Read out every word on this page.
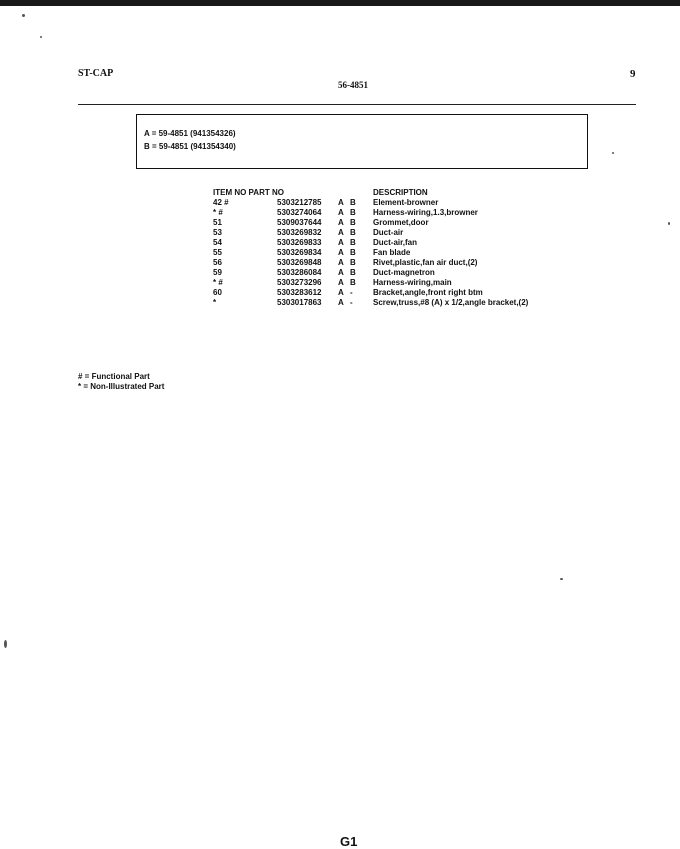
ST-CAP
56-4851
9
A = 59-4851 (941354326)
B = 59-4851 (941354340)
ITEM NO PART NO	DESCRIPTION
42 #	5303212785 A B Element-browner
* #	5303274064 A B Harness-wiring,1.3,browner
51	5309037644 A B Grommet,door
53	5303269832 A B Duct-air
54	5303269833 A B Duct-air,fan
55	5303269834 A B Fan blade
56	5303269848 A B Rivet,plastic,fan air duct,(2)
59	5303286084 A B Duct-magnetron
* #	5303273296 A B Harness-wiring,main
60	5303283612 A -	Bracket,angle,front right btm
*	5303017863 A -	Screw,truss,#8 (A) x 1/2,angle bracket,(2)
# = Functional Part
* = Non-Illustrated Part
G1
